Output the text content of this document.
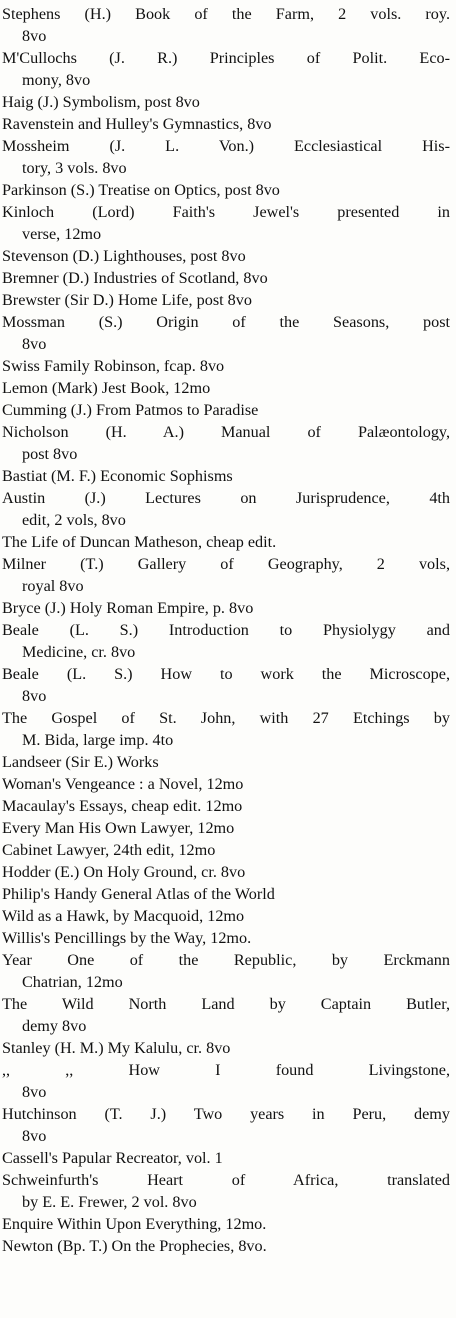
Stephens (H.) Book of the Farm, 2 vols. roy.
8vo
M'Cullochs (J. R.) Principles of Polit. Eco-
mony, 8vo
Haig (J.) Symbolism, post 8vo
Ravenstein and Hulley's Gymnastics, 8vo
Mossheim (J. L. Von.) Ecclesiastical His-
tory, 3 vols. 8vo
Parkinson (S.) Treatise on Optics, post 8vo
Kinloch (Lord) Faith's Jewel's presented in
verse, 12mo
Stevenson (D.) Lighthouses, post 8vo
Bremner (D.) Industries of Scotland, 8vo
Brewster (Sir D.) Home Life, post 8vo
Mossman (S.) Origin of the Seasons, post
8vo
Swiss Family Robinson, fcap. 8vo
Lemon (Mark) Jest Book, 12mo
Cumming (J.) From Patmos to Paradise
Nicholson (H. A.) Manual of Palæontology,
post 8vo
Bastiat (M. F.) Economic Sophisms
Austin (J.) Lectures on Jurisprudence, 4th
edit, 2 vols, 8vo
The Life of Duncan Matheson, cheap edit.
Milner (T.) Gallery of Geography, 2 vols,
royal 8vo
Bryce (J.) Holy Roman Empire, p. 8vo
Beale (L. S.) Introduction to Physiolygy and
Medicine, cr. 8vo
Beale (L. S.) How to work the Microscope,
8vo
The Gospel of St. John, with 27 Etchings by
M. Bida, large imp. 4to
Landseer (Sir E.) Works
Woman's Vengeance : a Novel, 12mo
Macaulay's Essays, cheap edit. 12mo
Every Man His Own Lawyer, 12mo
Cabinet Lawyer, 24th edit, 12mo
Hodder (E.) On Holy Ground, cr. 8vo
Philip's Handy General Atlas of the World
Wild as a Hawk, by Macquoid, 12mo
Willis's Pencillings by the Way, 12mo.
Year One of the Republic, by Erckmann
Chatrian, 12mo
The Wild North Land by Captain Butler,
demy 8vo
Stanley (H. M.) My Kalulu, cr. 8vo
,, ,, How I found Livingstone,
8vo
Hutchinson (T. J.) Two years in Peru, demy
8vo
Cassell's Papular Recreator, vol. 1
Schweinfurth's Heart of Africa, translated
by E. E. Frewer, 2 vol. 8vo
Enquire Within Upon Everything, 12mo.
Newton (Bp. T.) On the Prophecies, 8vo.
